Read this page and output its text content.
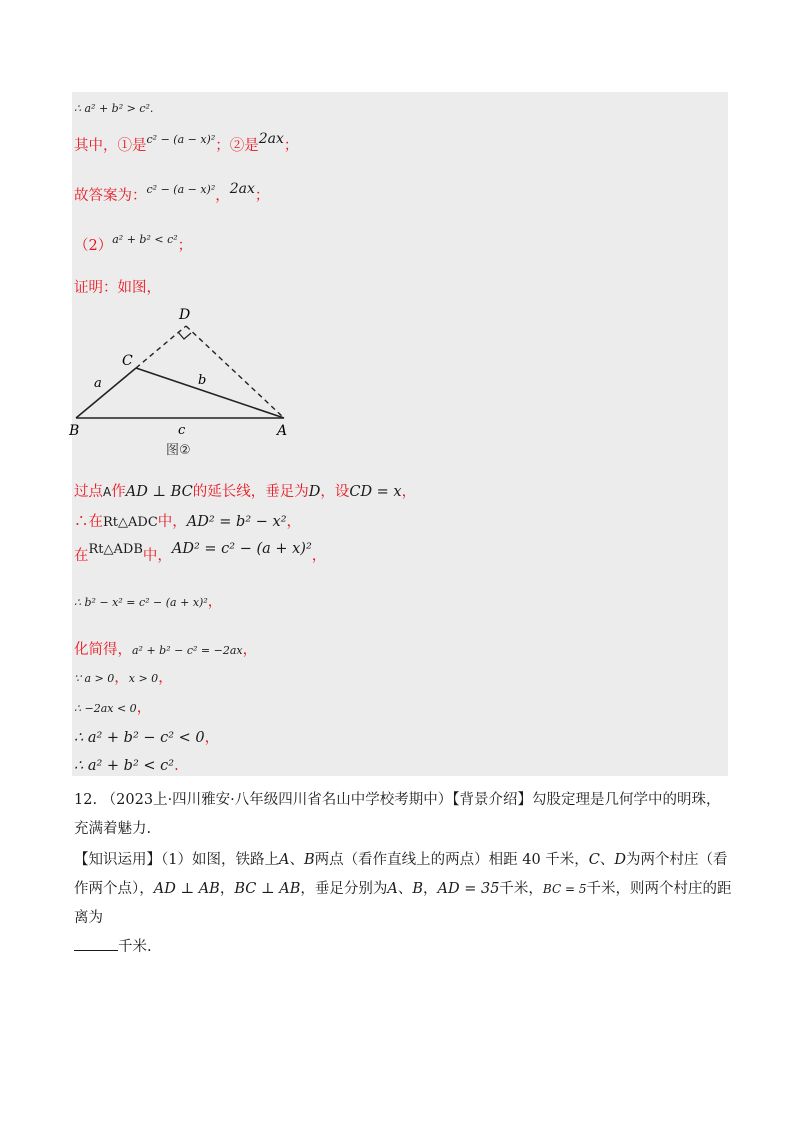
∴ a² + b² > c².
其中，①是$^{c^2 - (a - x)^2}$；②是2ax；
故答案为：$^{c^2 - (a - x)^2}$，2ax；
$(2)^{a^2 + b^2 < c^2}$；
证明：如图，
D
C
a	b
B	c	A
图②
过点A作AD ⊥ BC的延长线，垂足为D，设CD = x，
∴在Rt△ADC中，AD² = b² − x²，
在Rt△ADB中，AD² = c² − (a + x)²，
∴ b² − x² = c² − (a + x)²，
化简得，a² + b² − c² = −2ax，
∵ a > 0，x > 0，
∴ −2ax < 0，
∴ a² + b² − c² < 0，
∴ a² + b² < c².
12. （2023上·四川雅安·八年级四川省名山中学校考期中）【背景介绍】勾股定理是几何学中的明珠，充满着魅力.
【知识运用】（1）如图，铁路上A、B两点（看作直线上的两点）相距 40 千米，C、D为两个村庄（看作两个点），AD ⊥ AB，BC ⊥ AB，垂足分别为A、B，AD = 35千米，BC = 5千米，则两个村庄的距离为
千米.
